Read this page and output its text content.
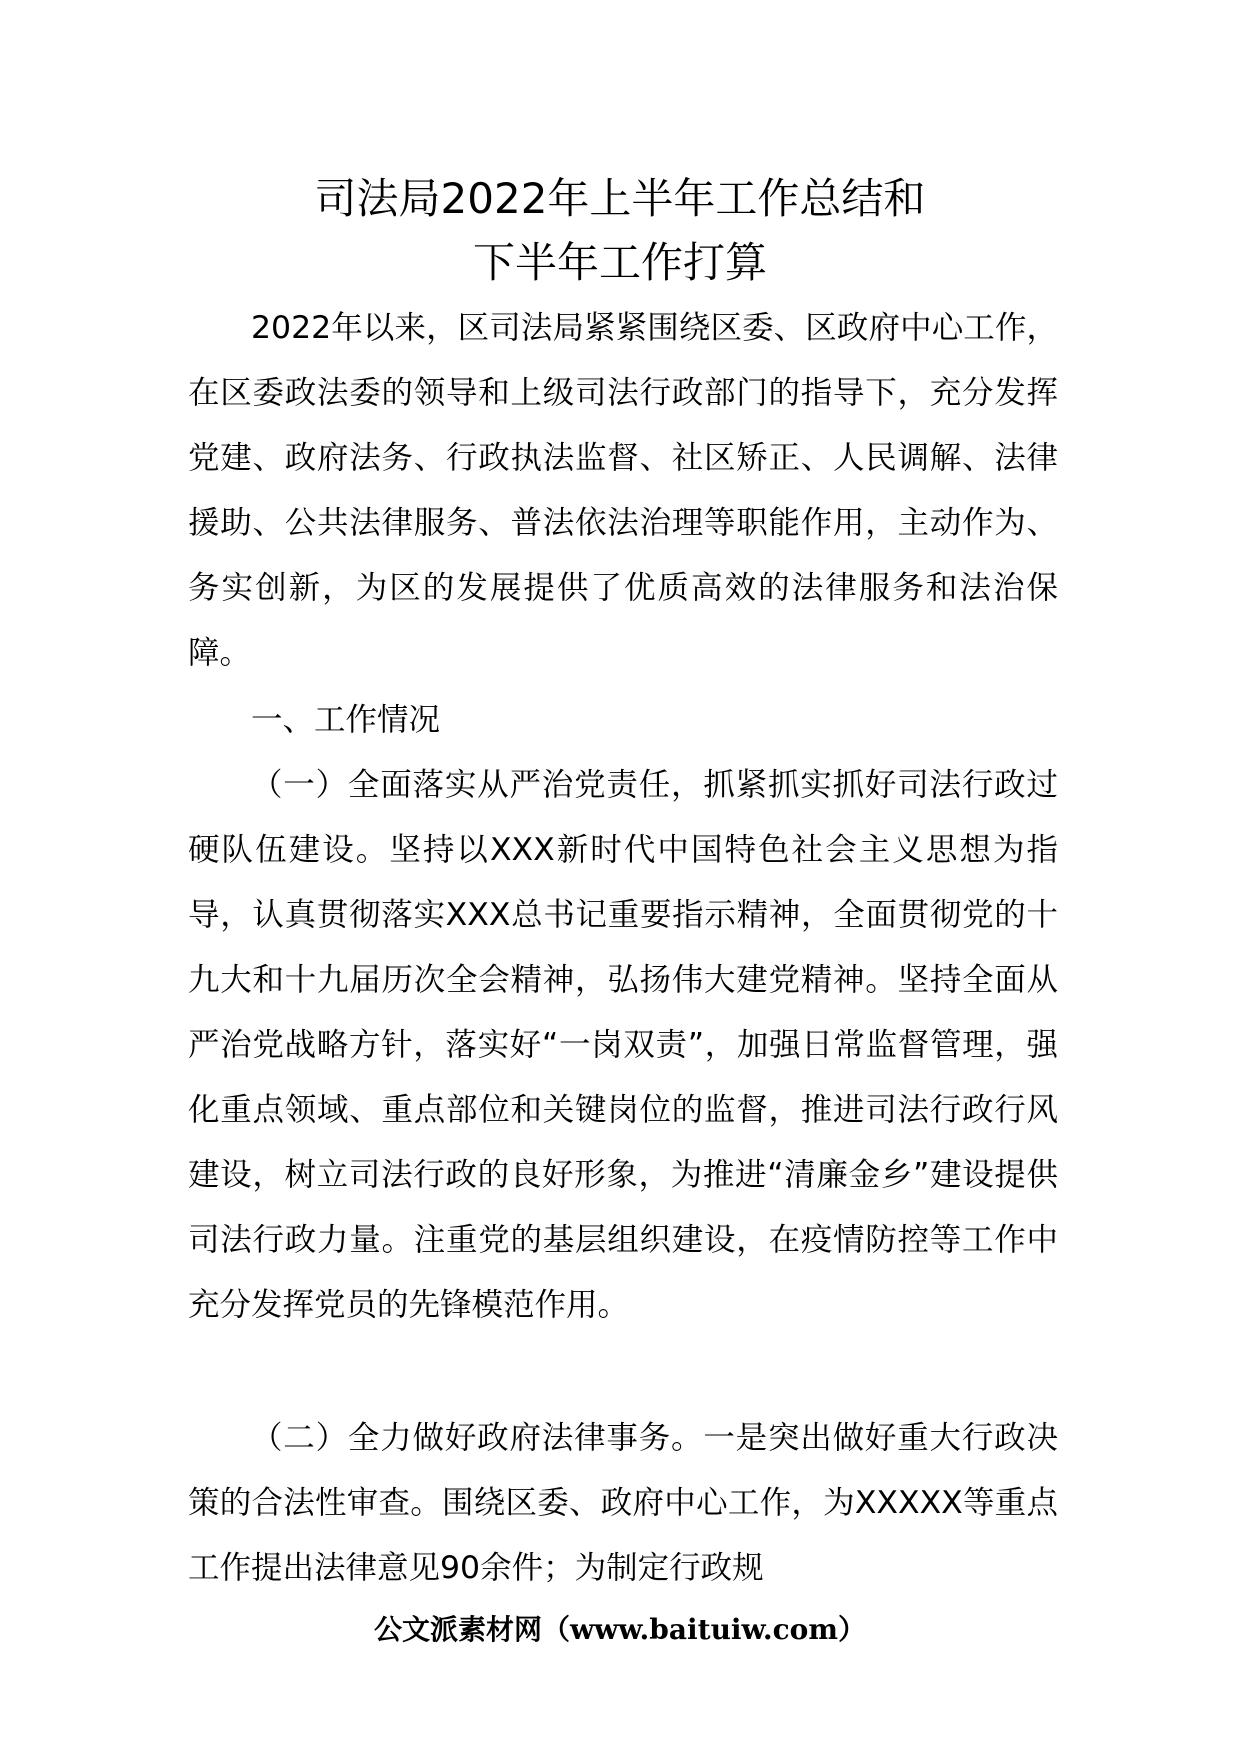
司法局2022年上半年工作总结和
下半年工作打算

2022年以来，区司法局紧紧围绕区委、区政府中心工作，在区委政法委的领导和上级司法行政部门的指导下，充分发挥党建、政府法务、行政执法监督、社区矫正、人民调解、法律援助、公共法律服务、普法依法治理等职能作用，主动作为、务实创新，为区的发展提供了优质高效的法律服务和法治保障。

一、工作情况

（一）全面落实从严治党责任，抓紧抓实抓好司法行政过硬队伍建设。坚持以XXX新时代中国特色社会主义思想为指导，认真贯彻落实XXX总书记重要指示精神，全面贯彻党的十九大和十九届历次全会精神，弘扬伟大建党精神。坚持全面从严治党战略方针，落实好“一岗双责”，加强日常监督管理，强化重点领域、重点部位和关键岗位的监督，推进司法行政行风建设，树立司法行政的良好形象，为推进“清廉金乡”建设提供司法行政力量。注重党的基层组织建设，在疫情防控等工作中充分发挥党员的先锋模范作用。

（二）全力做好政府法律事务。一是突出做好重大行政决策的合法性审查。围绕区委、政府中心工作，为XXXXX等重点工作提出法律意见90余件；为制定行政规

公文派素材网（www.baituiw.com）
